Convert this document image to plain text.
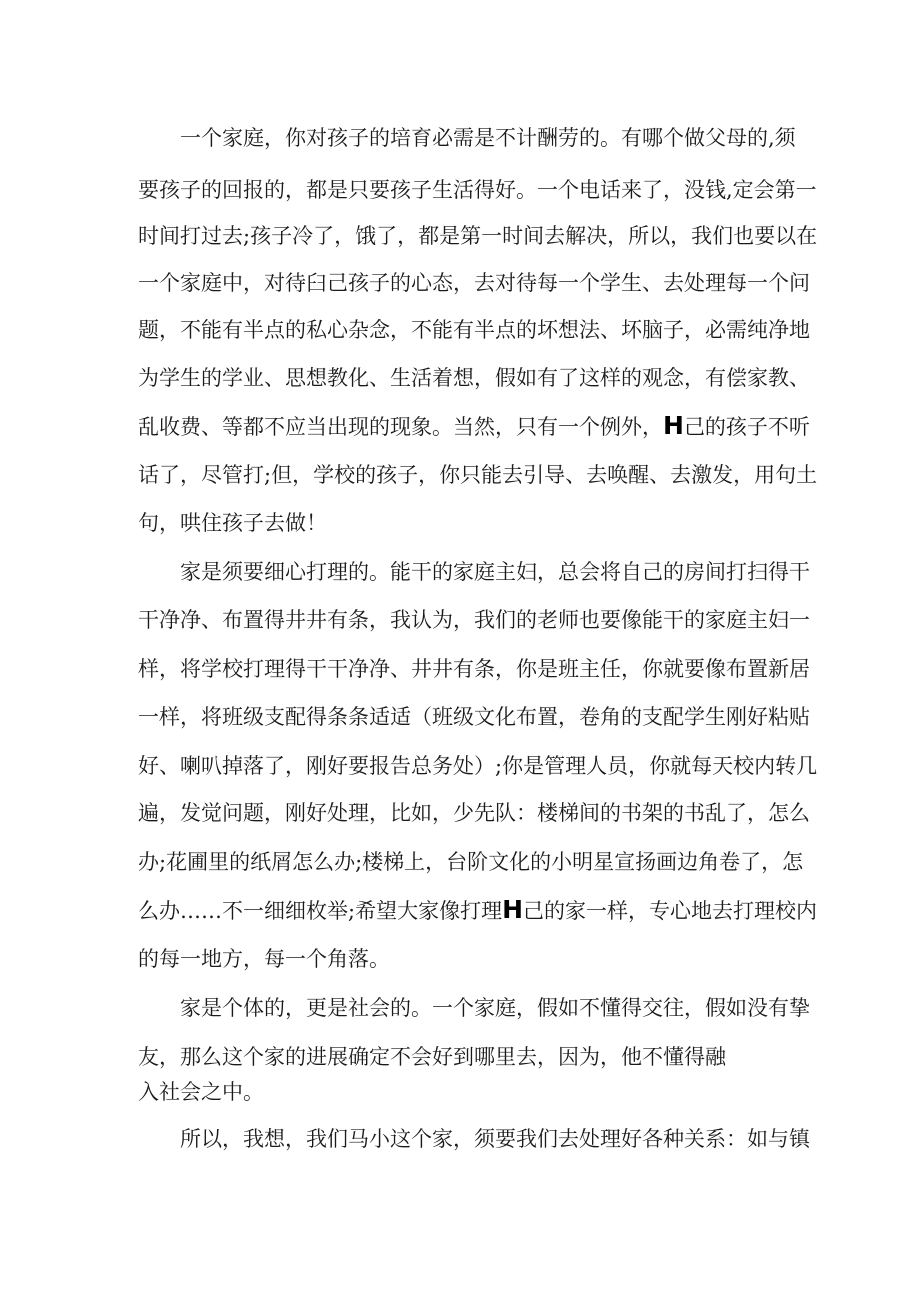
一个家庭，你对孩子的培育必需是不计酬劳的。有哪个做父母的,须
要孩子的回报的，都是只要孩子生活得好。一个电话来了，没钱,定会第一
时间打过去;孩子冷了，饿了，都是第一时间去解决，所以，我们也要以在
一个家庭中，对待臼己孩子的心态，去对待每一个学生、去处理每一个问
题，不能有半点的私心杂念，不能有半点的坏想法、坏脑子，必需纯净地
为学生的学业、思想教化、生活着想，假如有了这样的观念，有偿家教、
乱收费、等都不应当出现的现象。当然，只有一个例外，H己的孩子不听
话了，尽管打;但，学校的孩子，你只能去引导、去唤醒、去激发，用句土
句，哄住孩子去做！
家是须要细心打理的。能干的家庭主妇，总会将自己的房间打扫得干
干净净、布置得井井有条，我认为，我们的老师也要像能干的家庭主妇一
样，将学校打理得干干净净、井井有条，你是班主任，你就要像布置新居
一样，将班级支配得条条适适（班级文化布置，卷角的支配学生刚好粘贴
好、喇叭掉落了，刚好要报告总务处）;你是管理人员，你就每天校内转几
遍，发觉问题，刚好处理，比如，少先队：楼梯间的书架的书乱了，怎么
办;花圃里的纸屑怎么办;楼梯上，台阶文化的小明星宣扬画边角卷了，怎
么办……不一细细枚举;希望大家像打理H己的家一样，专心地去打理校内
的每一地方，每一个角落。
家是个体的，更是社会的。一个家庭，假如不懂得交往，假如没有挚
友，那么这个家的进展确定不会好到哪里去，因为，他不懂得融
入社会之中。
所以，我想，我们马小这个家，须要我们去处理好各种关系：如与镇
